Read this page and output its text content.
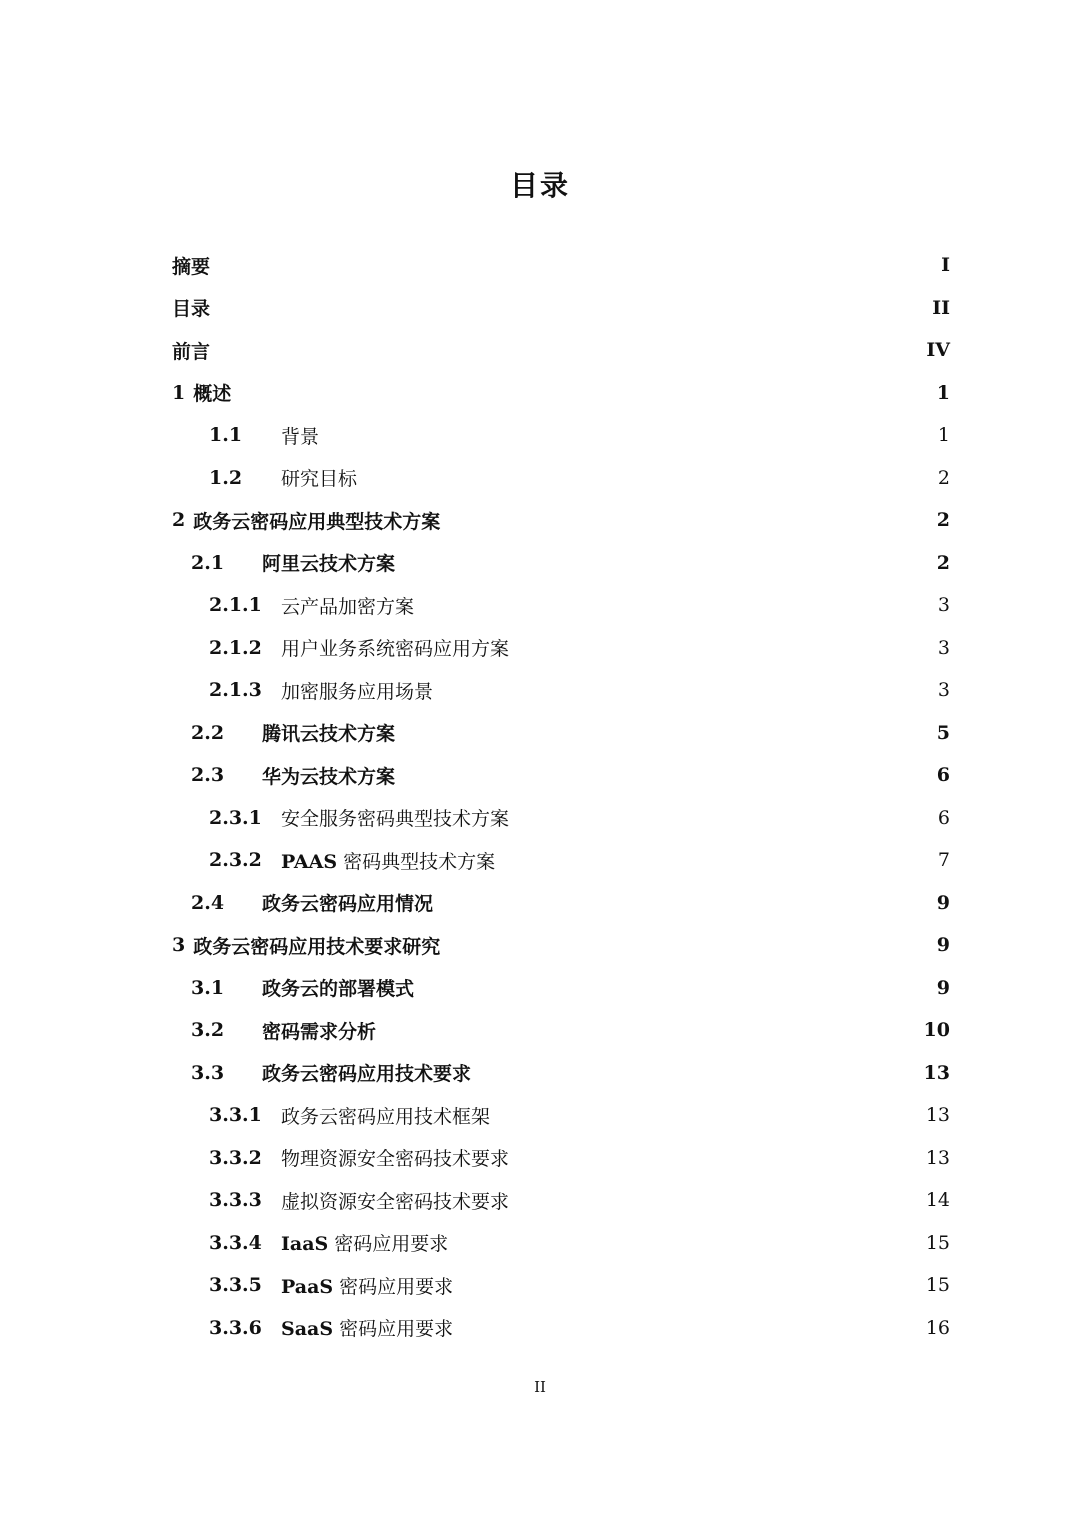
目录
摘要 .....	I
目录 .....	II
前言 .....	IV
1 概述 .....	1
1.1	背景 .....	1
1.2	研究目标 .....	2
2 政务云密码应用典型技术方案 .....	2
2.1	阿里云技术方案 .....	2
2.1.1	云产品加密方案 .....	3
2.1.2	用户业务系统密码应用方案 .....	3
2.1.3	加密服务应用场景 .....	3
2.2	腾讯云技术方案 .....	5
2.3	华为云技术方案 .....	6
2.3.1	安全服务密码典型技术方案 .....	6
2.3.2	PAAS 密码典型技术方案 .....	7
2.4	政务云密码应用情况 .....	9
3 政务云密码应用技术要求研究 .....	9
3.1	政务云的部署模式 .....	9
3.2	密码需求分析 .....	10
3.3	政务云密码应用技术要求 .....	13
3.3.1	政务云密码应用技术框架 .....	13
3.3.2	物理资源安全密码技术要求 .....	13
3.3.3	虚拟资源安全密码技术要求 .....	14
3.3.4	IaaS 密码应用要求 .....	15
3.3.5	PaaS 密码应用要求 .....	15
3.3.6	SaaS 密码应用要求 .....	16
II
